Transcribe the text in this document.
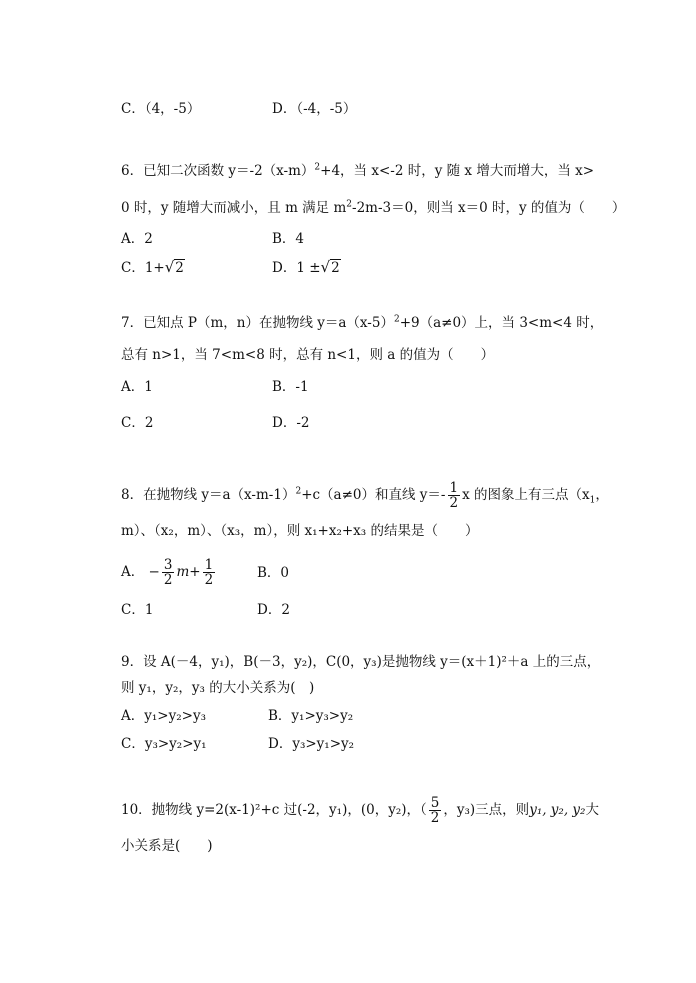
C．（4，-5）	D．（-4，-5）
6．已知二次函数 $y=-2(x-m)^2+4$，当 x<-2 时，y 随 x 增大而增大，当 x>
0 时，y 随增大而减小，且 m 满足 $m^2-2m-3=0$，则当 x＝0 时，y 的值为（　　）
A．2	B．4
C．1+√2	D．1 ±√2
7．已知点 P（m，n）在抛物线 $y=a(x-5)^2+9(a\ne 0)$上，当 3<m<4 时，
总有 n>1，当 7<m<8 时，总有 n<1，则 a 的值为（　　）
A．1	B．-1
C．2	D．-2
8．在抛物线 $y=a(x-m-1)^2+c(a\ne 0)$和直线 $y=- \frac{1}{2}$ x 的图象上有三点（$x_1$，
m）、（x₂，m）、（x₃，m），则 x₁+x₂+x₃ 的结果是（　　）
A． − $\frac{3}{2} m+ \frac{1}{2}$	B．0
C．1	D．2
9．设 A(－4，y₁)，B(－3，y₂)，C(0，y₃)是抛物线 y＝(x＋1)²＋a 上的三点，
则 y₁，y₂，y₃ 的大小关系为(　)
A．y₁>y₂>y₃	B．y₁>y₃>y₂
C．y₃>y₂>y₁	D．y₃>y₁>y₂
10．抛物线 y=2(x-1)²+c 过(-2，y₁)，(0，y₂)，（ $\frac{5}{2}$ ，y₃)三点，则y₁, y₂, y₂大
小关系是(　　)
